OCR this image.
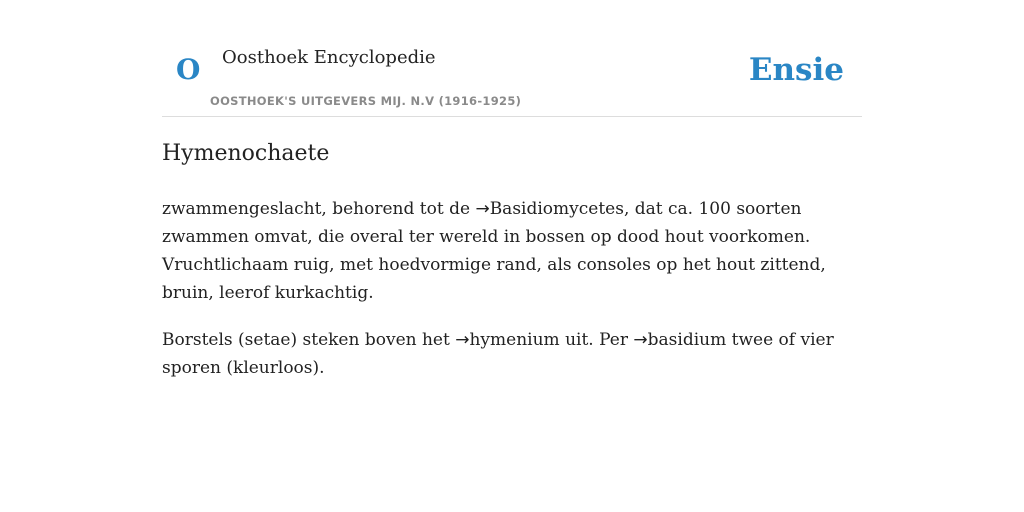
O Oosthoek Encyclopedie
OOSTHOEK'S UITGEVERS MIJ. N.V (1916-1925)
Ensie
Hymenochaete

zwammengeslacht, behorend tot de →Basidiomycetes, dat ca. 100 soorten zwammen omvat, die overal ter wereld in bossen op dood hout voorkomen. Vruchtlichaam ruig, met hoedvormige rand, als consoles op het hout zittend, bruin, leerof kurkachtig.

Borstels (setae) steken boven het →hymenium uit. Per →basidium twee of vier sporen (kleurloos).
